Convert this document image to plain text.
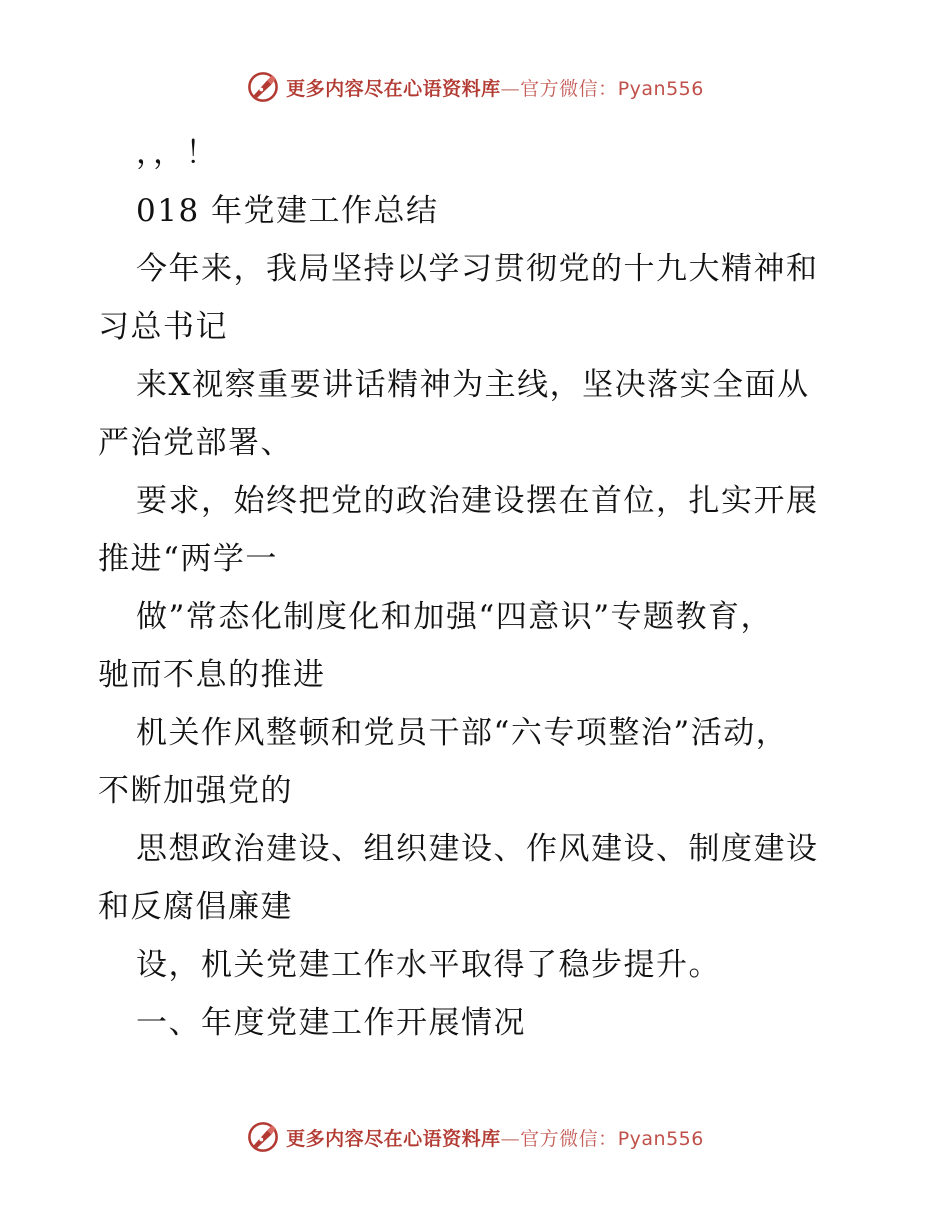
更多内容尽在心语资料库—官方微信：Pyan556
，，！
018 年党建工作总结
今年来，我局坚持以学习贯彻党的十九大精神和
习总书记
来X视察重要讲话精神为主线，坚决落实全面从
严治党部署、
要求，始终把党的政治建设摆在首位，扎实开展
推进“两学一
做”常态化制度化和加强“四意识”专题教育，
驰而不息的推进
机关作风整顿和党员干部“六专项整治”活动，
不断加强党的
思想政治建设、组织建设、作风建设、制度建设
和反腐倡廉建
设，机关党建工作水平取得了稳步提升。
一、年度党建工作开展情况
更多内容尽在心语资料库—官方微信：Pyan556
